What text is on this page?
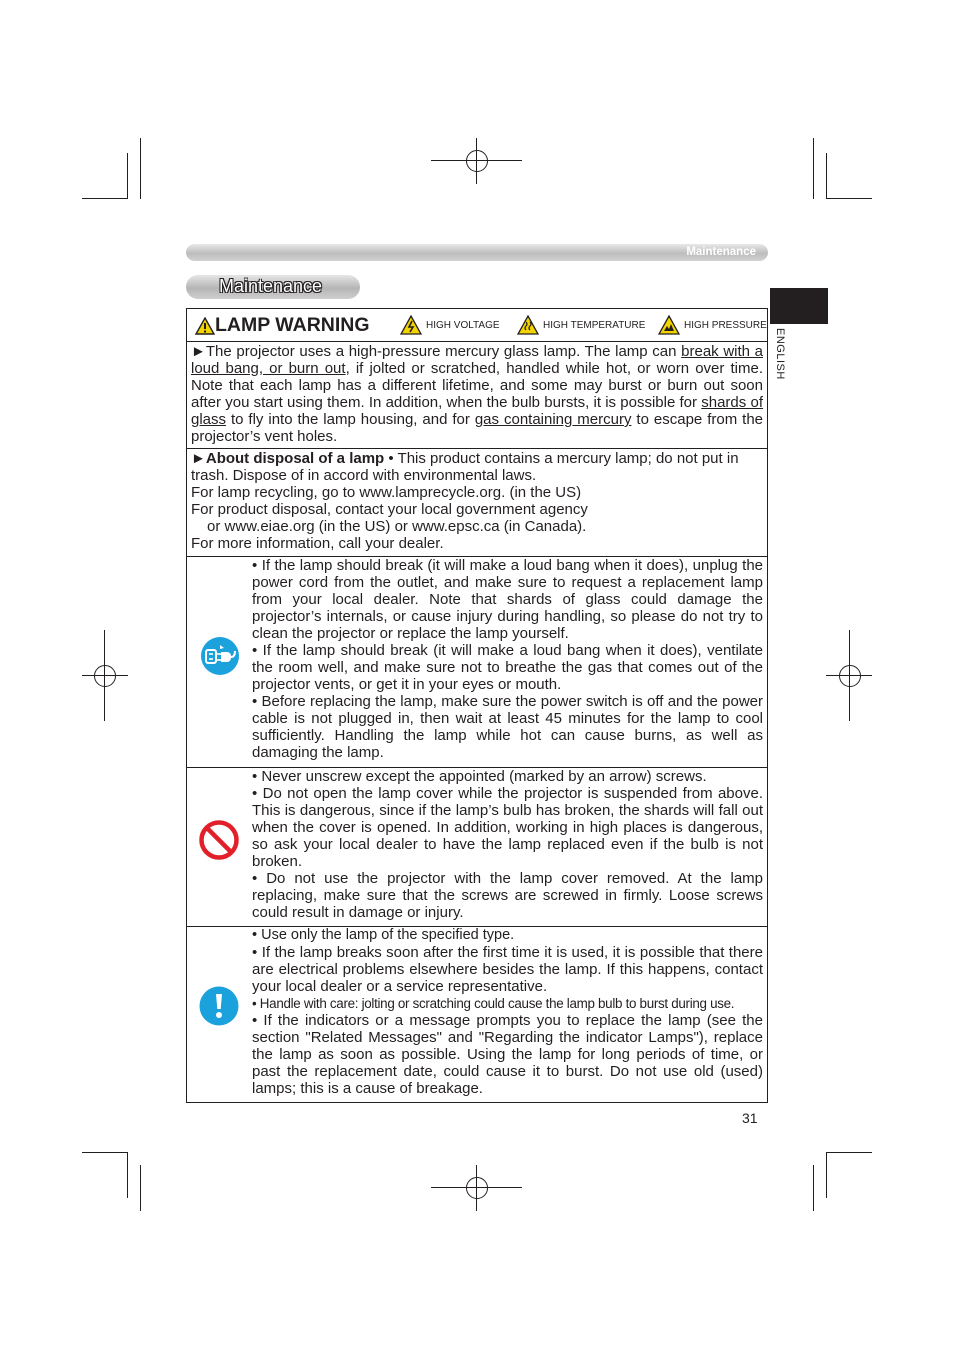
Maintenance
Maintenance
ENGLISH
LAMP WARNING	HIGH VOLTAGE	HIGH TEMPERATURE	HIGH PRESSURE

►The projector uses a high-pressure mercury glass lamp. The lamp can break with a loud bang, or burn out, if jolted or scratched, handled while hot, or worn over time. Note that each lamp has a different lifetime, and some may burst or burn out soon after you start using them. In addition, when the bulb bursts, it is possible for shards of glass to fly into the lamp housing, and for gas containing mercury to escape from the projector’s vent holes.

►About disposal of a lamp • This product contains a mercury lamp; do not put in trash. Dispose of in accord with environmental laws.

For lamp recycling, go to www.lamprecycle.org. (in the US)

For product disposal, contact your local government agency

or www.eiae.org (in the US) or www.epsc.ca (in Canada).

For more information, call your dealer.

• If the lamp should break (it will make a loud bang when it does), unplug the power cord from the outlet, and make sure to request a replacement lamp from your local dealer. Note that shards of glass could damage the projector’s internals, or cause injury during handling, so please do not try to clean the projector or replace the lamp yourself.

• If the lamp should break (it will make a loud bang when it does), ventilate the room well, and make sure not to breathe the gas that comes out of the projector vents, or get it in your eyes or mouth.

• Before replacing the lamp, make sure the power switch is off and the power cable is not plugged in, then wait at least 45 minutes for the lamp to cool sufficiently. Handling the lamp while hot can cause burns, as well as damaging the lamp.

• Never unscrew except the appointed (marked by an arrow) screws.

• Do not open the lamp cover while the projector is suspended from above. This is dangerous, since if the lamp’s bulb has broken, the shards will fall out when the cover is opened. In addition, working in high places is dangerous, so ask your local dealer to have the lamp replaced even if the bulb is not broken.

• Do not use the projector with the lamp cover removed. At the lamp replacing, make sure that the screws are screwed in firmly. Loose screws could result in damage or injury.

• Use only the lamp of the specified type.

• If the lamp breaks soon after the first time it is used, it is possible that there are electrical problems elsewhere besides the lamp. If this happens, contact your local dealer or a service representative.

• Handle with care: jolting or scratching could cause the lamp bulb to burst during use.

• If the indicators or a message prompts you to replace the lamp (see the section "Related Messages" and "Regarding the indicator Lamps"), replace the lamp as soon as possible. Using the lamp for long periods of time, or past the replacement date, could cause it to burst. Do not use old (used) lamps; this is a cause of breakage.

31
